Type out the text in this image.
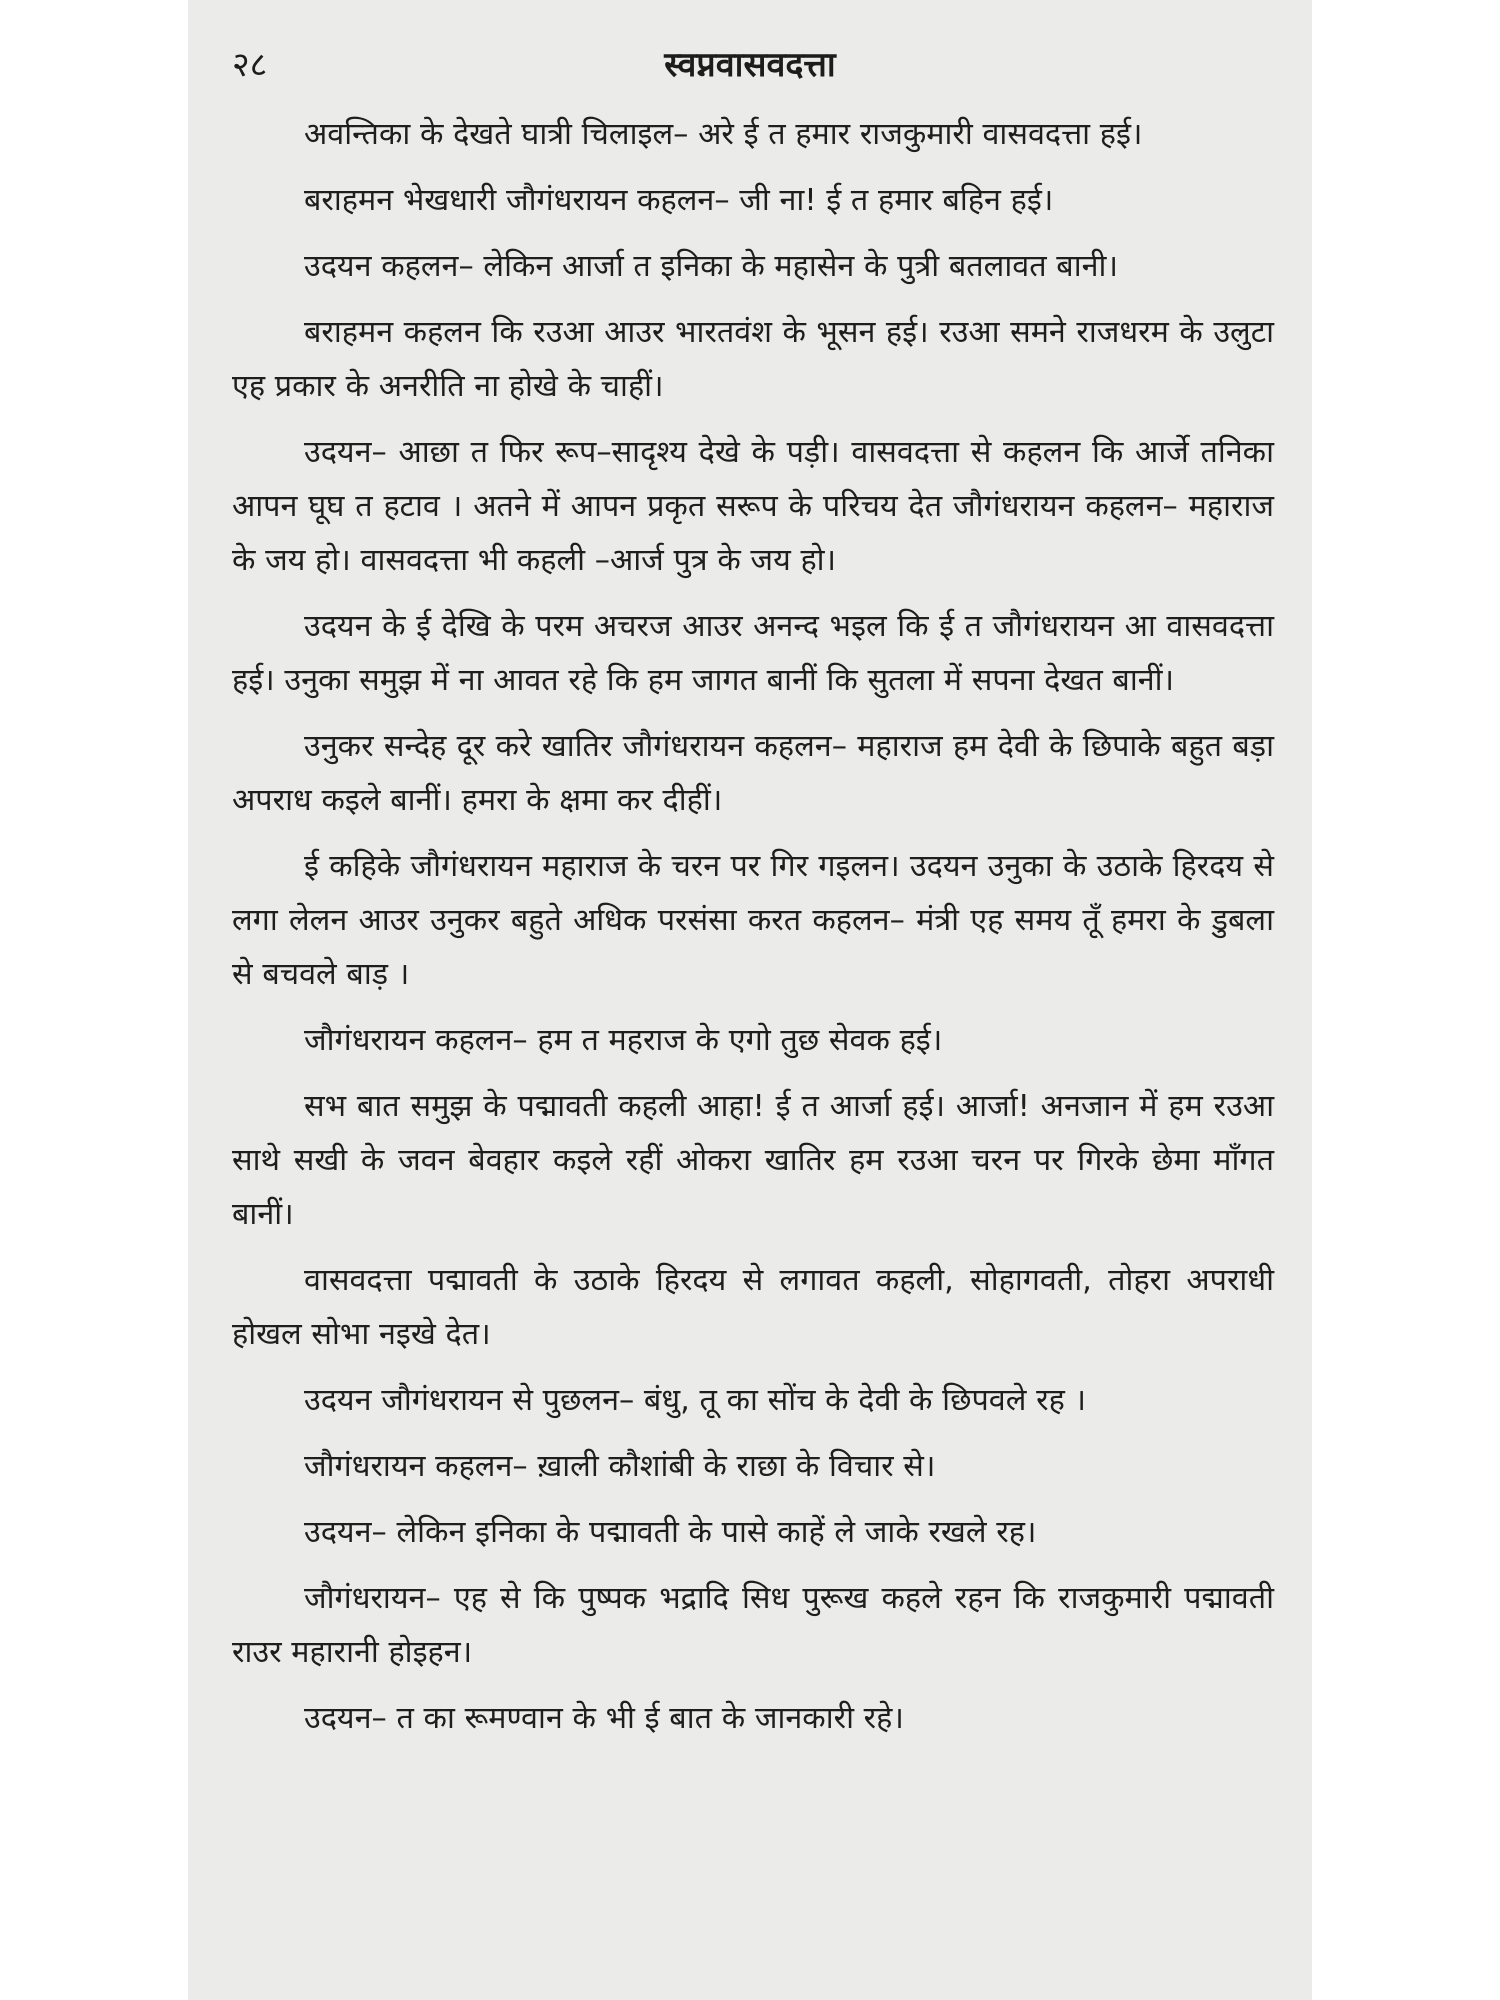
२८	स्वप्नवासवदत्ता

अवन्तिका के देखते घात्री चिलाइल– अरे ई त हमार राजकुमारी वासवदत्ता हई।

बराहमन भेखधारी जौगंधरायन कहलन– जी ना! ई त हमार बहिन हई।

उदयन कहलन– लेकिन आर्जा त इनिका के महासेन के पुत्री बतलावत बानी।

बराहमन कहलन कि रउआ आउर भारतवंश के भूसन हई। रउआ समने राजधरम के उलुटा एह प्रकार के अनरीति ना होखे के चाहीं।

उदयन– आछा त फिर रूप–सादृश्य देखे के पड़ी। वासवदत्ता से कहलन कि आर्जे तनिका आपन घूघ त हटाव । अतने में आपन प्रकृत सरूप के परिचय देत जौगंधरायन कहलन– महाराज के जय हो। वासवदत्ता भी कहली –आर्ज पुत्र के जय हो।

उदयन के ई देखि के परम अचरज आउर अनन्द भइल कि ई त जौगंधरायन आ वासवदत्ता हई। उनुका समुझ में ना आवत रहे कि हम जागत बानीं कि सुतला में सपना देखत बानीं।

उनुकर सन्देह दूर करे खातिर जौगंधरायन कहलन– महाराज हम देवी के छिपाके बहुत बड़ा अपराध कइले बानीं। हमरा के क्षमा कर दीहीं।

ई कहिके जौगंधरायन महाराज के चरन पर गिर गइलन। उदयन उनुका के उठाके हिरदय से लगा लेलन आउर उनुकर बहुते अधिक परसंसा करत कहलन– मंत्री एह समय तूँ हमरा के डुबला से बचवले बाड़ ।

जौगंधरायन कहलन– हम त महराज के एगो तुछ सेवक हई।

सभ बात समुझ के पद्मावती कहली आहा! ई त आर्जा हई। आर्जा! अनजान में हम रउआ साथे सखी के जवन बेवहार कइले रहीं ओकरा खातिर हम रउआ चरन पर गिरके छेमा माँगत बानीं।

वासवदत्ता पद्मावती के उठाके हिरदय से लगावत कहली, सोहागवती, तोहरा अपराधी होखल सोभा नइखे देत।

उदयन जौगंधरायन से पुछलन– बंधु, तू का सोंच के देवी के छिपवले रह ।

जौगंधरायन कहलन– ख़ाली कौशांबी के राछा के विचार से।

उदयन– लेकिन इनिका के पद्मावती के पासे काहें ले जाके रखले रह।

जौगंधरायन– एह से कि पुष्पक भद्रादि सिध पुरूख कहले रहन कि राजकुमारी पद्मावती राउर महारानी होइहन।

उदयन– त का रूमण्वान के भी ई बात के जानकारी रहे।
